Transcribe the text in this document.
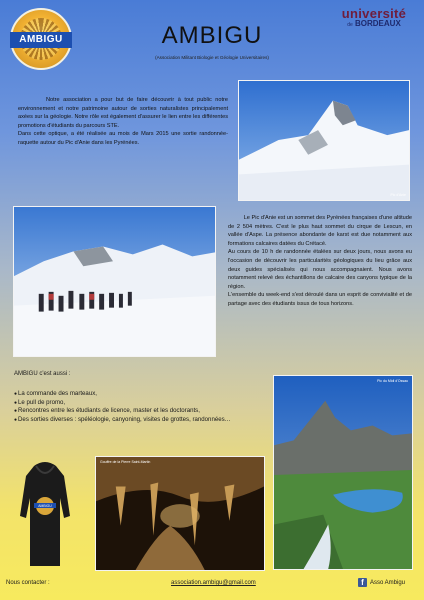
AMBIGU	AMBIGU
(Association Militant Biologie et Géologie Universitaires)
université
de BORDEAUX

Notre association a pour but de faire découvrir à tout public notre environnement et notre patrimoine autour de sorties naturalistes principalement axées sur la géologie. Notre rôle est également d'assurer le lien entre les différentes promotions d'étudiants du parcours STE.

Dans cette optique, a été réalisée au mois de Mars 2015 une sortie randonnée-raquette autour du Pic d'Anie dans les Pyrénées.

Pic d'Anie

Le Pic d'Anie est un sommet des Pyrénées françaises d'une altitude de 2 504 mètres. C'est le plus haut sommet du cirque de Lescun, en vallée d'Aspe. La présence abondante de karst est due notamment aux formations calcaires datées du Crétacé.

Au cours de 10 h de randonnée étalées sur deux jours, nous avons eu l'occasion de découvrir les particularités géologiques du lieu grâce aux deux guides spécialisés qui nous accompagnaient. Nous avons notamment relevé des échantillons de calcaire des canyons typique de la région.

L'ensemble du week-end s'est déroulé dans un esprit de convivialité et de partage avec des étudiants issus de tous horizons.

AMBIGU c'est aussi :
● La commande des marteaux,
● Le pull de promo,
● Rencontres entre les étudiants de licence, master et les doctorants,
● Des sorties diverses : spéléologie, canyoning, visites de grottes, randonnées…
Pic du Midi d'Ossau
AMBIGU
Gouffre de la Pierre Saint-Martin
Nous contacter :	association.ambigu@gmail.com	f	Asso Ambigu
